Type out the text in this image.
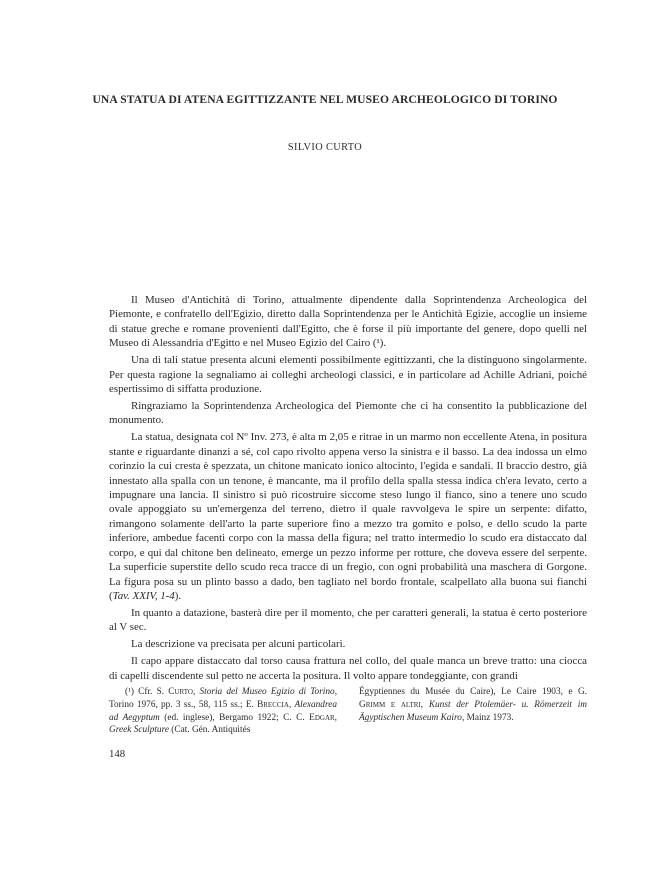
UNA STATUA DI ATENA EGITTIZZANTE NEL MUSEO ARCHEOLOGICO DI TORINO
SILVIO CURTO

Il Museo d'Antichità di Torino, attualmente dipendente dalla Soprintendenza Archeologica del Piemonte, e confratello dell'Egizio, diretto dalla Soprintendenza per le Antichità Egizie, accoglie un insieme di statue greche e romane provenienti dall'Egitto, che è forse il più importante del genere, dopo quelli nel Museo di Alessandria d'Egitto e nel Museo Egizio del Cairo (¹).

Una di tali statue presenta alcuni elementi possibilmente egittizzanti, che la distinguono singolarmente. Per questa ragione la segnaliamo ai colleghi archeologi classici, e in particolare ad Achille Adriani, poiché espertissimo di siffatta produzione.

Ringraziamo la Soprintendenza Archeologica del Piemonte che ci ha consentito la pubblicazione del monumento.

La statua, designata col Nº Inv. 273, è alta m 2,05 e ritrae in un marmo non eccellente Atena, in positura stante e riguardante dinanzi a sé, col capo rivolto appena verso la sinistra e il basso. La dea indossa un elmo corinzio la cui cresta è spezzata, un chitone manicato ionico altocinto, l'egida e sandali. Il braccio destro, già innestato alla spalla con un tenone, è mancante, ma il profilo della spalla stessa indica ch'era levato, certo a impugnare una lancia. Il sinistro si può ricostruire siccome steso lungo il fianco, sino a tenere uno scudo ovale appoggiato su un'emergenza del terreno, dietro il quale ravvolgeva le spire un serpente: difatto, rimangono solamente dell'arto la parte superiore fino a mezzo tra gomito e polso, e dello scudo la parte inferiore, ambedue facenti corpo con la massa della figura; nel tratto intermedio lo scudo era distaccato dal corpo, e qui dal chitone ben delineato, emerge un pezzo informe per rotture, che doveva essere del serpente. La superficie superstite dello scudo reca tracce di un fregio, con ogni probabilità una maschera di Gorgone. La figura posa su un plinto basso a dado, ben tagliato nel bordo frontale, scalpellato alla buona sui fianchi (Tav. XXIV, 1-4).

In quanto a datazione, basterà dire per il momento, che per caratteri generali, la statua è certo posteriore al V sec.

La descrizione va precisata per alcuni particolari.

Il capo appare distaccato dal torso causa frattura nel collo, del quale manca un breve tratto: una ciocca di capelli discendente sul petto ne accerta la positura. Il volto appare tondeggiante, con grandi

(¹) Cfr. S. Curto, Storia del Museo Egizio di Torino, Torino 1976, pp. 3 ss., 58, 115 ss.; E. Breccia, Alexandrea ad Aegyptum (ed. inglese), Bergamo 1922; C. C. Edgar, Greek Sculpture (Cat. Gén. Antiquités
Égyptiennes du Musée du Caire), Le Caire 1903, e G. Grimm e altri, Kunst der Ptolemäer- u. Römerzeit im Ägyptischen Museum Kairo, Mainz 1973.
148
